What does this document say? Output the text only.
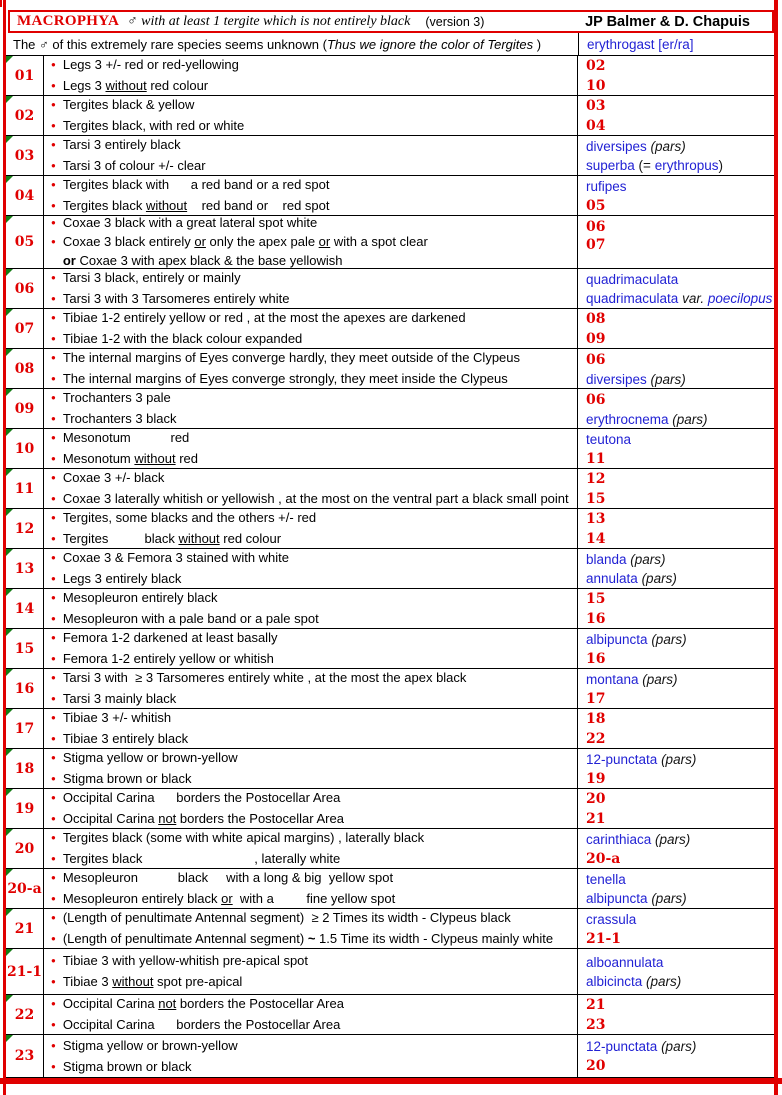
MACROPHYA ♂ with at least 1 tergite which is not entirely black (version 3)	JP Balmer & D. Chapuis
The ♂ of this extremely rare species seems unknown ( Thus we ignore the color of Tergites )	erythrogast [er/ra]
01
● Legs 3 +/- red or red-yellowing
● Legs 3 without red colour
02
10
02
● Tergites black & yellow
● Tergites black, with red or white
03
04
03
● Tarsi 3 entirely black
● Tarsi 3 of colour +/- clear
diversipes (pars)
superba (= erythropus)
04
● Tergites black with      a red band or a red spot
● Tergites black without    red band or    red spot
rufipes
05
05
● Coxae 3 black with a great lateral spot white
● Coxae 3 black entirely or only the apex pale or with a spot clear
or Coxae 3 with apex black & the base yellowish
06
07
06
● Tarsi 3 black, entirely or mainly
● Tarsi 3 with 3 Tarsomeres entirely white
quadrimaculata
quadrimaculata var. poecilopus
07
● Tibiae 1-2 entirely yellow or red , at the most the apexes are darkened
● Tibiae 1-2 with the black colour expanded
08
09
08
● The internal margins of Eyes converge hardly, they meet outside of the Clypeus
● The internal margins of Eyes converge strongly, they meet inside the Clypeus
06
diversipes (pars)
09
● Trochanters 3 pale
● Trochanters 3 black
06
erythrocnema (pars)
10
● Mesonotum           red
● Mesonotum without red
teutona
11
11
● Coxae 3 +/- black
● Coxae 3 laterally whitish or yellowish , at the most on the ventral part a black small point
12
15
12
● Tergites, some blacks and the others +/- red
● Tergites          black without red colour
13
14
13
● Coxae 3 & Femora 3 stained with white
● Legs 3 entirely black
blanda (pars)
annulata (pars)
14
● Mesopleuron entirely black
● Mesopleuron with a pale band or a pale spot
15
16
15
● Femora 1-2 darkened at least basally
● Femora 1-2 entirely yellow or whitish
albipuncta (pars)
16
16
● Tarsi 3 with  ≥ 3 Tarsomeres entirely white , at the most the apex black
● Tarsi 3 mainly black
montana (pars)
17
17
● Tibiae 3 +/- whitish
● Tibiae 3 entirely black
18
22
18
● Stigma yellow or brown-yellow
● Stigma brown or black
12-punctata (pars)
19
19
● Occipital Carina      borders the Postocellar Area
● Occipital Carina not borders the Postocellar Area
20
21
20
● Tergites black (some with white apical margins) , laterally black
● Tergites black                               , laterally white
carinthiaca (pars)
20-a
20-a
● Mesopleuron           black     with a long & big  yellow spot
● Mesopleuron entirely black or  with a         fine yellow spot
tenella
albipuncta (pars)
21
● (Length of penultimate Antennal segment)  ≥ 2 Times its width - Clypeus black
● (Length of penultimate Antennal segment) ~ 1.5 Time its width - Clypeus mainly white
crassula
21-1
21-1
● Tibiae 3 with yellow-whitish pre-apical spot
● Tibiae 3 without spot pre-apical
alboannulata
albicincta (pars)
22
● Occipital Carina not borders the Postocellar Area
● Occipital Carina      borders the Postocellar Area
21
23
23
● Stigma yellow or brown-yellow
● Stigma brown or black
12-punctata (pars)
20
